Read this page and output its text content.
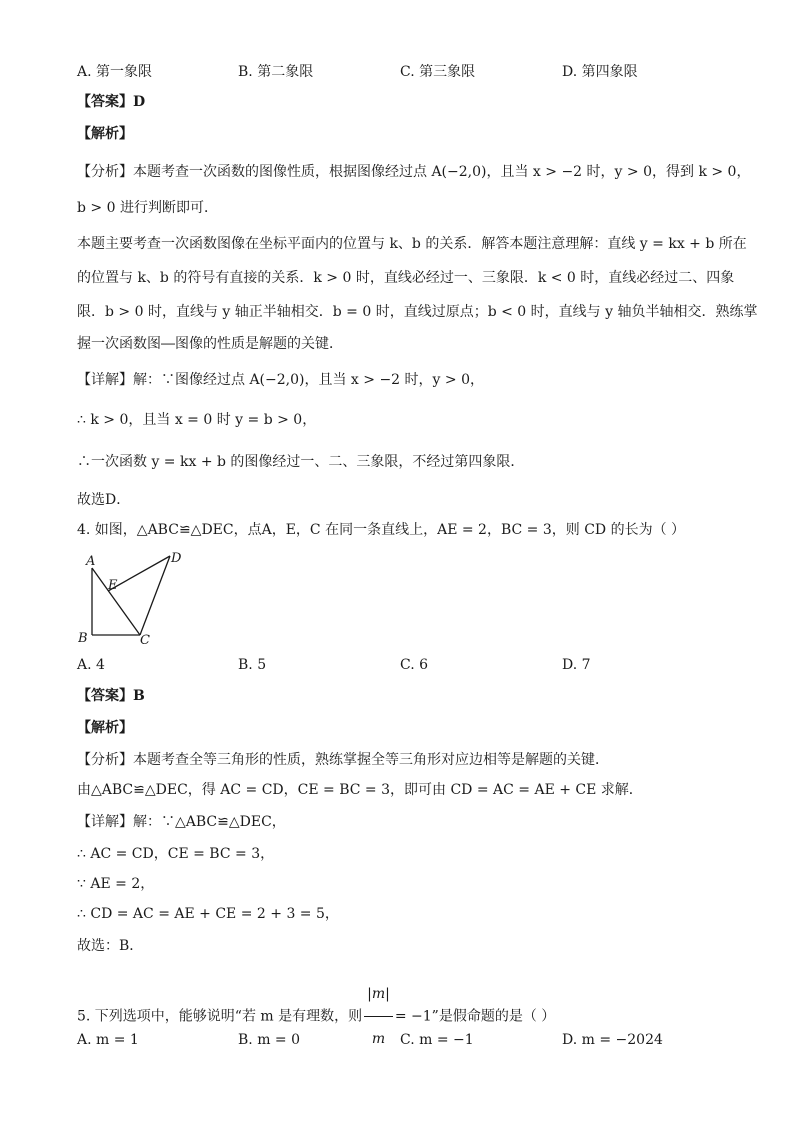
A. 第一象限	B. 第二象限	C. 第三象限	D. 第四象限
【答案】D
【解析】
【分析】本题考查一次函数的图像性质，根据图像经过点 A(−2,0)，且当 x > −2 时，y > 0，得到 k > 0，
b > 0 进行判断即可．
本题主要考查一次函数图像在坐标平面内的位置与 k、b 的关系．解答本题注意理解：直线 y = kx + b 所在
的位置与 k、b 的符号有直接的关系．k > 0 时，直线必经过一、三象限．k < 0 时，直线必经过二、四象
限．b > 0 时，直线与 y 轴正半轴相交．b = 0 时，直线过原点；b < 0 时，直线与 y 轴负半轴相交．熟练掌
握一次函数图―图像的性质是解题的关键．
【详解】解：∵图像经过点 A(−2,0)，且当 x > −2 时，y > 0，
∴ k > 0，且当 x = 0 时 y = b > 0，
∴一次函数 y = kx + b 的图像经过一、二、三象限，不经过第四象限．
故选D．
4. 如图，△ABC≌△DEC，点A，E，C 在同一条直线上，AE = 2，BC = 3，则 CD 的长为（ ）
A
B	C
D
E
A. 4	B. 5	C. 6	D. 7
【答案】B
【解析】
【分析】本题考查全等三角形的性质，熟练掌握全等三角形对应边相等是解题的关键．
由△ABC≌△DEC，得 AC = CD，CE = BC = 3，即可由 CD = AC = AE + CE 求解．
【详解】解：∵△ABC≌△DEC，
∴ AC = CD，CE = BC = 3，
∵ AE = 2，
∴ CD = AC = AE + CE = 2 + 3 = 5，
故选：B．
5. 下列选项中，能够说明“若 m 是有理数，则 $\frac{|m|}{m} = -1$”是假命题的是（ ）
A. m = 1	B. m = 0	C. m = −1	D. m = −2024
